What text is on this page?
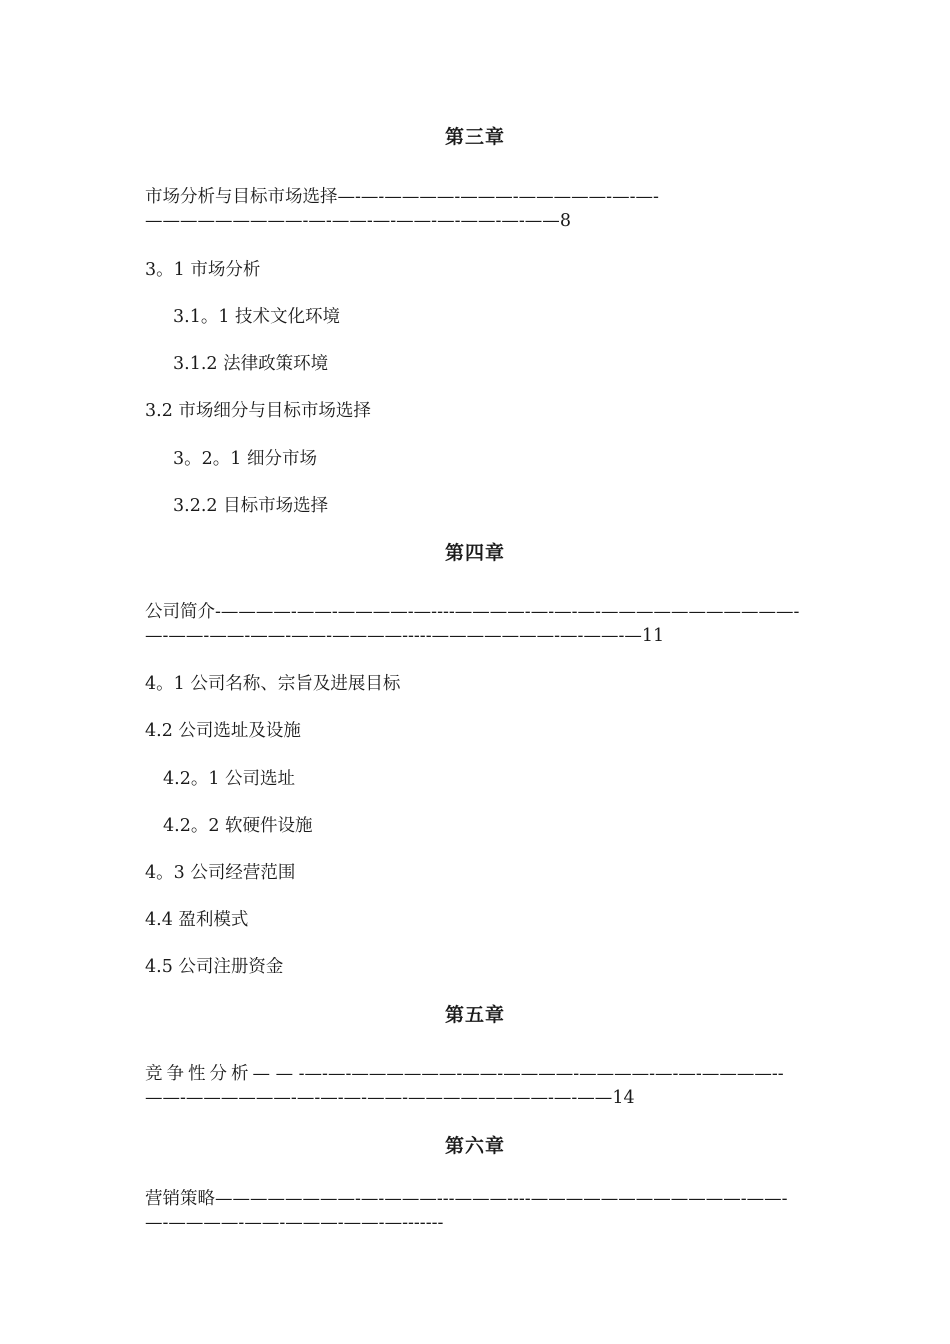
第三章
市场分析与目标市场选择—-—-————-———-—————-—-—-—————————-—-——-—-——-—-——-—-——8
3。1 市场分析
3.1。1 技术文化环境
3.1.2 法律政策环境
3.2 市场细分与目标市场选择
3。2。1 细分市场
3.2.2 目标市场选择
第四章
公司简介-————-——-————-—----————-—-—-—-———————————-—-——-——-——-——-————-----———————-—-——-—11
4。1 公司名称、宗旨及进展目标
4.2 公司选址及设施
4.2。1 公司选址
4.2。2 软硬件设施
4。3 公司经营范围
4.4 盈利模式
4.5 公司注册资金
第五章
竞争性分析— — -—-—-——————-——-————-————-—-—-————--——-——————-—-—-—-——-————————-—-——14
第六章
营销策略————————-—-———---———----————————————-——-—-————-——-———-——-—-------
